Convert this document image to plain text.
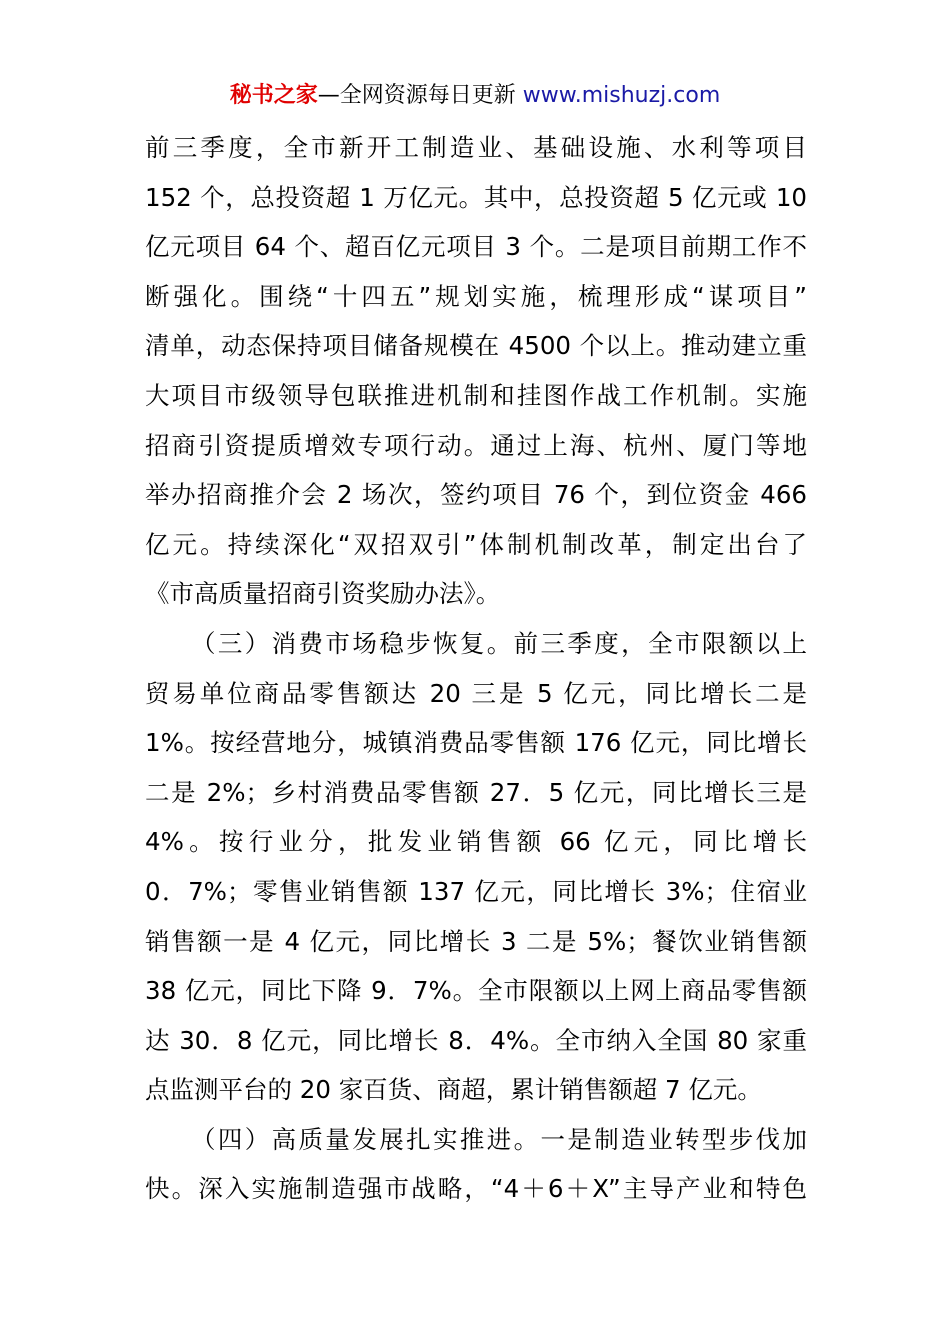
秘书之家—全网资源每日更新 www.mishuzj.com
前三季度，全市新开工制造业、基础设施、水利等项目
152 个，总投资超 1 万亿元。其中，总投资超 5 亿元或 10
亿元项目 64 个、超百亿元项目 3 个。二是项目前期工作不
断强化。围绕“十四五”规划实施，梳理形成“谋项目”
清单，动态保持项目储备规模在 4500 个以上。推动建立重
大项目市级领导包联推进机制和挂图作战工作机制。实施
招商引资提质增效专项行动。通过上海、杭州、厦门等地
举办招商推介会 2 场次，签约项目 76 个，到位资金 466
亿元。持续深化“双招双引”体制机制改革，制定出台了
《市高质量招商引资奖励办法》。
（三）消费市场稳步恢复。前三季度，全市限额以上
贸易单位商品零售额达 20 三是 5 亿元，同比增长二是
1%。按经营地分，城镇消费品零售额 176 亿元，同比增长
二是 2%；乡村消费品零售额 27．5 亿元，同比增长三是
4%。按行业分，批发业销售额 66 亿元，同比增长
0．7%；零售业销售额 137 亿元，同比增长 3%；住宿业
销售额一是 4 亿元，同比增长 3 二是 5%；餐饮业销售额
38 亿元，同比下降 9．7%。全市限额以上网上商品零售额
达 30．8 亿元，同比增长 8．4%。全市纳入全国 80 家重
点监测平台的 20 家百货、商超，累计销售额超 7 亿元。
（四）高质量发展扎实推进。一是制造业转型步伐加
快。深入实施制造强市战略，“4＋6＋X”主导产业和特色
